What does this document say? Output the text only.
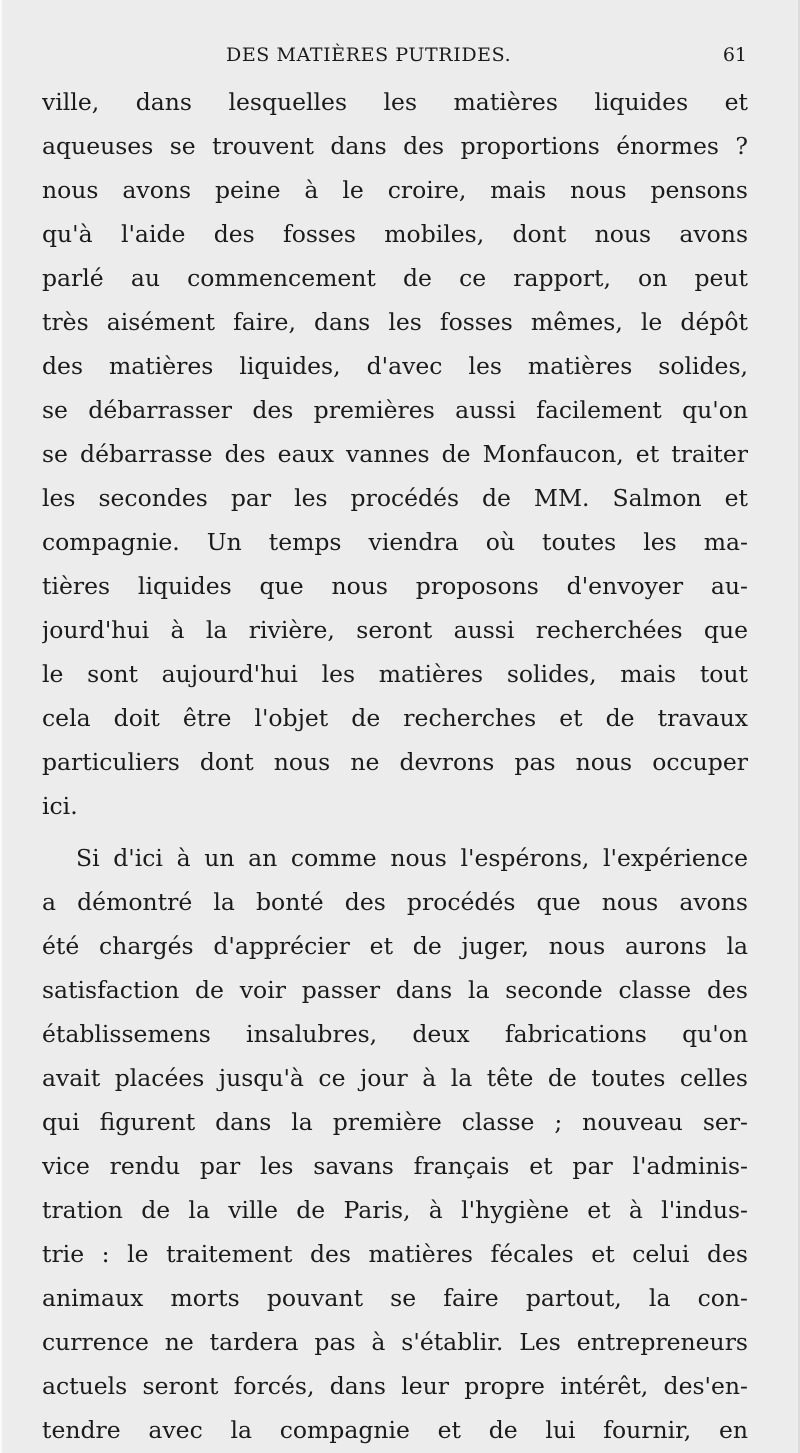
DES MATIÈRES PUTRIDES.	61
ville, dans lesquelles les matières liquides et
aqueuses se trouvent dans des proportions énormes ?
nous avons peine à le croire, mais nous pensons
qu'à l'aide des fosses mobiles, dont nous avons
parlé au commencement de ce rapport, on peut
très aisément faire, dans les fosses mêmes, le dépôt
des matières liquides, d'avec les matières solides,
se débarrasser des premières aussi facilement qu'on
se débarrasse des eaux vannes de Monfaucon, et traiter
les secondes par les procédés de MM. Salmon et
compagnie. Un temps viendra où toutes les ma-
tières liquides que nous proposons d'envoyer au-
jourd'hui à la rivière, seront aussi recherchées que
le sont aujourd'hui les matières solides, mais tout
cela doit être l'objet de recherches et de travaux
particuliers dont nous ne devrons pas nous occuper
ici.
Si d'ici à un an comme nous l'espérons, l'expérience
a démontré la bonté des procédés que nous avons
été chargés d'apprécier et de juger, nous aurons la
satisfaction de voir passer dans la seconde classe des
établissemens insalubres, deux fabrications qu'on
avait placées jusqu'à ce jour à la tête de toutes celles
qui figurent dans la première classe ; nouveau ser-
vice rendu par les savans français et par l'adminis-
tration de la ville de Paris, à l'hygiène et à l'indus-
trie : le traitement des matières fécales et celui des
animaux morts pouvant se faire partout, la con-
currence ne tardera pas à s'établir. Les entrepreneurs
actuels seront forcés, dans leur propre intérêt, des'en-
tendre avec la compagnie et de lui fournir, en
